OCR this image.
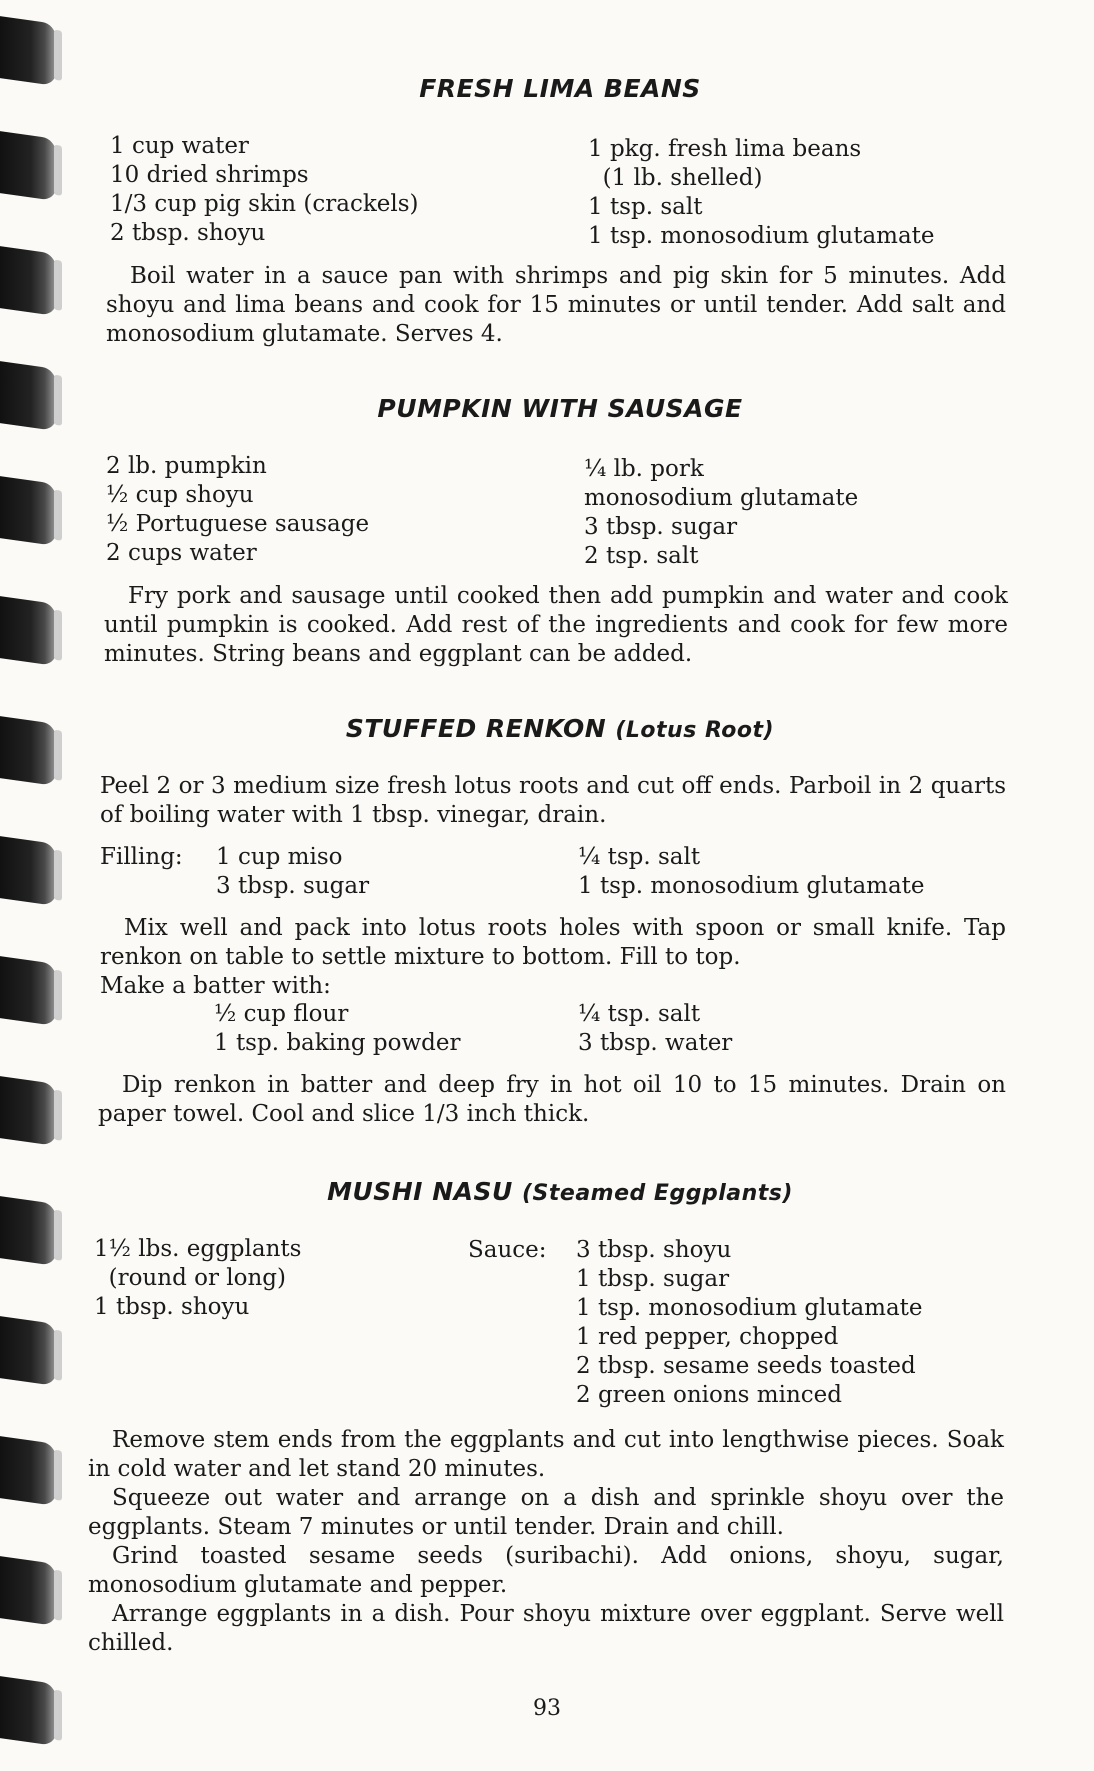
FRESH LIMA BEANS
1 cup water
10 dried shrimps
1/3 cup pig skin (crackels)
2 tbsp. shoyu
1 pkg. fresh lima beans
(1 lb. shelled)
1 tsp. salt
1 tsp. monosodium glutamate
Boil water in a sauce pan with shrimps and pig skin for 5 minutes. Add shoyu and lima beans and cook for 15 minutes or until tender. Add salt and monosodium glutamate. Serves 4.
PUMPKIN WITH SAUSAGE
2 lb. pumpkin
½ cup shoyu
½ Portuguese sausage
2 cups water
¼ lb. pork
monosodium glutamate
3 tbsp. sugar
2 tsp. salt
Fry pork and sausage until cooked then add pumpkin and water and cook until pumpkin is cooked. Add rest of the ingredients and cook for few more minutes. String beans and eggplant can be added.
STUFFED RENKON (Lotus Root)
Peel 2 or 3 medium size fresh lotus roots and cut off ends. Parboil in 2 quarts of boiling water with 1 tbsp. vinegar, drain.
Filling: 1 cup miso
3 tbsp. sugar
¼ tsp. salt
1 tsp. monosodium glutamate
Mix well and pack into lotus roots holes with spoon or small knife. Tap renkon on table to settle mixture to bottom. Fill to top.
Make a batter with:
½ cup flour
1 tsp. baking powder
¼ tsp. salt
3 tbsp. water
Dip renkon in batter and deep fry in hot oil 10 to 15 minutes. Drain on paper towel. Cool and slice 1/3 inch thick.
MUSHI NASU (Steamed Eggplants)
1½ lbs. eggplants
(round or long)
1 tbsp. shoyu
Sauce: 3 tbsp. shoyu
1 tbsp. sugar
1 tsp. monosodium glutamate
1 red pepper, chopped
2 tbsp. sesame seeds toasted
2 green onions minced
Remove stem ends from the eggplants and cut into lengthwise pieces. Soak in cold water and let stand 20 minutes.
Squeeze out water and arrange on a dish and sprinkle shoyu over the eggplants. Steam 7 minutes or until tender. Drain and chill.
Grind toasted sesame seeds (suribachi). Add onions, shoyu, sugar, monosodium glutamate and pepper.
Arrange eggplants in a dish. Pour shoyu mixture over eggplant. Serve well chilled.
93
